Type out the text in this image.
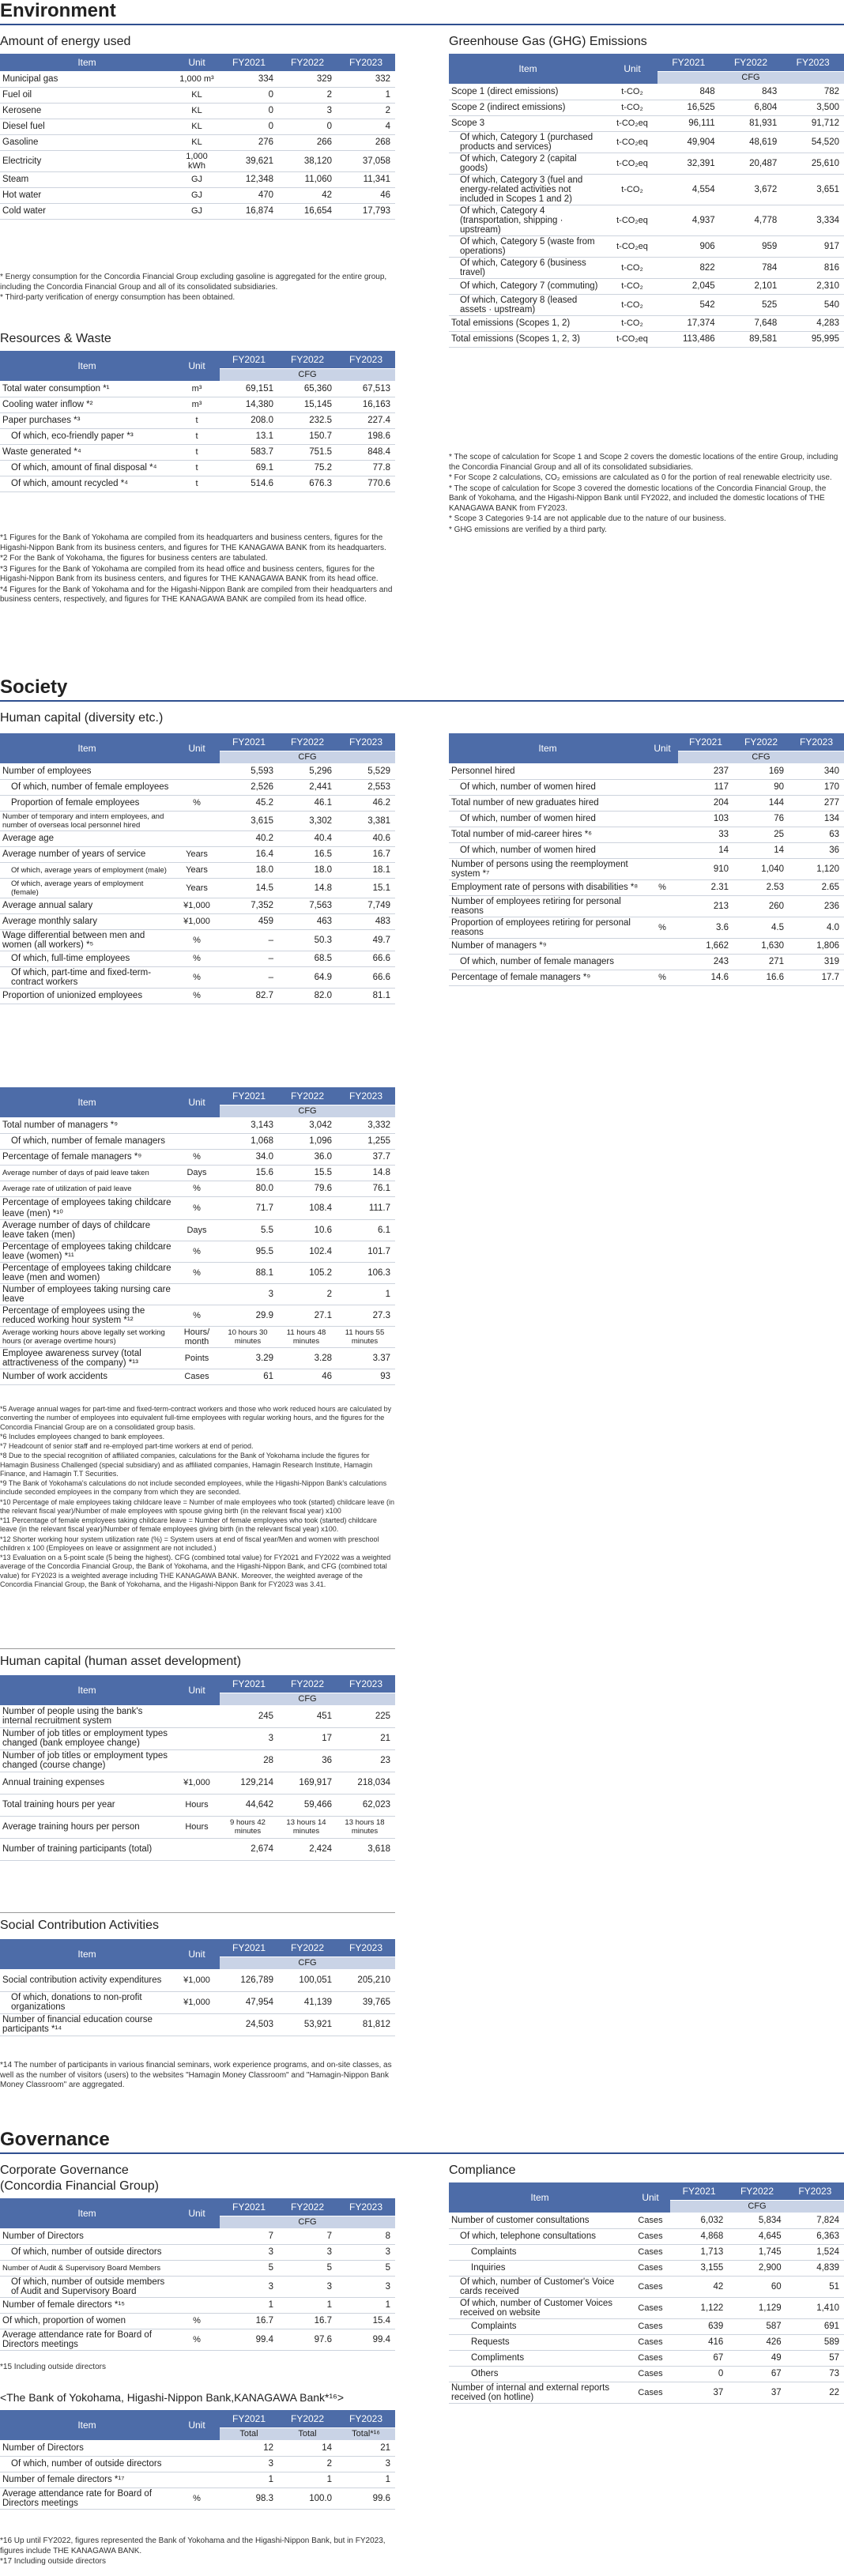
Environment
Amount of energy used
Item	Unit	FY2021	FY2022	FY2023
Municipal gas	1,000 m³	334	329	332
Fuel oil	KL	0	2	1
Kerosene	KL	0	3	2
Diesel fuel	KL	0	0	4
Gasoline	KL	276	266	268
Electricity	1,000 kWh	39,621	38,120	37,058
Steam	GJ	12,348	11,060	11,341
Hot water	GJ	470	42	46
Cold water	GJ	16,874	16,654	17,793
* Energy consumption for the Concordia Financial Group excluding gasoline is aggregated for the entire group, including the Concordia Financial Group and all of its consolidated subsidiaries.
* Third-party verification of energy consumption has been obtained.
Greenhouse Gas (GHG) Emissions
Item	Unit	FY2021	FY2022	FY2023
		CFG		
Scope 1 (direct emissions)	t-CO₂	848	843	782
Scope 2 (indirect emissions)	t-CO₂	16,525	6,804	3,500
Scope 3	t-CO₂eq	96,111	81,931	91,712
Of which, Category 1 (purchased products and services)	t-CO₂eq	49,904	48,619	54,520
Of which, Category 2 (capital goods)	t-CO₂eq	32,391	20,487	25,610
Of which, Category 3 (fuel and energy-related activities not included in Scopes 1 and 2)	t-CO₂	4,554	3,672	3,651
Of which, Category 4 (transportation, shipping · upstream)	t-CO₂eq	4,937	4,778	3,334
Of which, Category 5 (waste from operations)	t-CO₂eq	906	959	917
Of which, Category 6 (business travel)	t-CO₂	822	784	816
Of which, Category 7 (commuting)	t-CO₂	2,045	2,101	2,310
Of which, Category 8 (leased assets · upstream)	t-CO₂	542	525	540
Total emissions (Scopes 1, 2)	t-CO₂	17,374	7,648	4,283
Total emissions (Scopes 1, 2, 3)	t-CO₂eq	113,486	89,581	95,995
* The scope of calculation for Scope 1 and Scope 2 covers the domestic locations of the entire Group, including the Concordia Financial Group and all of its consolidated subsidiaries.
* For Scope 2 calculations, CO₂ emissions are calculated as 0 for the portion of real renewable electricity use.
* The scope of calculation for Scope 3 covered the domestic locations of the Concordia Financial Group, the Bank of Yokohama, and the Higashi-Nippon Bank until FY2022, and included the domestic locations of THE KANAGAWA BANK from FY2023.
* Scope 3 Categories 9-14 are not applicable due to the nature of our business.
* GHG emissions are verified by a third party.
Resources & Waste
Item	Unit	FY2021	FY2022	FY2023
		CFG		
Total water consumption *¹	m³	69,151	65,360	67,513
Cooling water inflow *²	m³	14,380	15,145	16,163
Paper purchases *³	t	208.0	232.5	227.4
Of which, eco-friendly paper *³	t	13.1	150.7	198.6
Waste generated *⁴	t	583.7	751.5	848.4
Of which, amount of final disposal *⁴	t	69.1	75.2	77.8
Of which, amount recycled *⁴	t	514.6	676.3	770.6
*1 Figures for the Bank of Yokohama are compiled from its headquarters and business centers, figures for the Higashi-Nippon Bank from its business centers, and figures for THE KANAGAWA BANK from its headquarters.
*2 For the Bank of Yokohama, the figures for business centers are tabulated.
*3 Figures for the Bank of Yokohama are compiled from its head office and business centers, figures for the Higashi-Nippon Bank from its business centers, and figures for THE KANAGAWA BANK from its head office.
*4 Figures for the Bank of Yokohama and for the Higashi-Nippon Bank are compiled from their headquarters and business centers, respectively, and figures for THE KANAGAWA BANK are compiled from its head office.
Society
Human capital (diversity etc.)
Item	Unit	FY2021	FY2022	FY2023
		CFG		
Number of employees		5,593	5,296	5,529
Of which, number of female employees		2,526	2,441	2,553
Proportion of female employees	%	45.2	46.1	46.2
Number of temporary and intern employees, and number of overseas local personnel hired		3,615	3,302	3,381
Average age		40.2	40.4	40.6
Average number of years of service	Years	16.4	16.5	16.7
Of which, average years of employment (male)	Years	18.0	18.0	18.1
Of which, average years of employment (female)	Years	14.5	14.8	15.1
Average annual salary	¥1,000	7,352	7,563	7,749
Average monthly salary	¥1,000	459	463	483
Wage differential between men and women (all workers) *⁵	%	–	50.3	49.7
Of which, full-time employees	%	–	68.5	66.6
Of which, part-time and fixed-term-contract workers	%	–	64.9	66.6
Proportion of unionized employees	%	82.7	82.0	81.1
Item	Unit	FY2021	FY2022	FY2023
		CFG		
Personnel hired		237	169	340
Of which, number of women hired		117	90	170
Total number of new graduates hired		204	144	277
Of which, number of women hired		103	76	134
Total number of mid-career hires *⁶		33	25	63
Of which, number of women hired		14	14	36
Number of persons using the reemployment system *⁷		910	1,040	1,120
Employment rate of persons with disabilities *⁸	%	2.31	2.53	2.65
Number of employees retiring for personal reasons		213	260	236
Proportion of employees retiring for personal reasons	%	3.6	4.5	4.0
Number of managers *⁹		1,662	1,630	1,806
Of which, number of female managers		243	271	319
Percentage of female managers *⁹	%	14.6	16.6	17.7
Item	Unit	FY2021	FY2022	FY2023
		CFG		
Total number of managers *⁹		3,143	3,042	3,332
Of which, number of female managers		1,068	1,096	1,255
Percentage of female managers *⁹	%	34.0	36.0	37.7
Average number of days of paid leave taken	Days	15.6	15.5	14.8
Average rate of utilization of paid leave	%	80.0	79.6	76.1
Percentage of employees taking childcare leave (men) *¹⁰	%	71.7	108.4	111.7
Average number of days of childcare leave taken (men)	Days	5.5	10.6	6.1
Percentage of employees taking childcare leave (women) *¹¹	%	95.5	102.4	101.7
Percentage of employees taking childcare leave (men and women)	%	88.1	105.2	106.3
Number of employees taking nursing care leave		3	2	1
Percentage of employees using the reduced working hour system *¹²	%	29.9	27.1	27.3
Average working hours above legally set working hours (or average overtime hours)	Hours/ month	10 hours 30 minutes	11 hours 48 minutes	11 hours 55 minutes
Employee awareness survey (total attractiveness of the company) *¹³	Points	3.29	3.28	3.37
Number of work accidents	Cases	61	46	93
*5 Average annual wages for part-time and fixed-term-contract workers and those who work reduced hours are calculated by converting the number of employees into equivalent full-time employees with regular working hours, and the figures for the Concordia Financial Group are on a consolidated group basis.
*6 Includes employees changed to bank employees.
*7 Headcount of senior staff and re-employed part-time workers at end of period.
*8 Due to the special recognition of affiliated companies, calculations for the Bank of Yokohama include the figures for Hamagin Business Challenged (special subsidiary) and as affiliated companies, Hamagin Research Institute, Hamagin Finance, and Hamagin T.T Securities.
*9 The Bank of Yokohama's calculations do not include seconded employees, while the Higashi-Nippon Bank's calculations include seconded employees in the company from which they are seconded.
*10 Percentage of male employees taking childcare leave = Number of male employees who took (started) childcare leave (in the relevant fiscal year)/Number of male employees with spouse giving birth (in the relevant fiscal year) x100
*11 Percentage of female employees taking childcare leave = Number of female employees who took (started) childcare leave (in the relevant fiscal year)/Number of female employees giving birth (in the relevant fiscal year) x100.
*12 Shorter working hour system utilization rate (%) = System users at end of fiscal year/Men and women with preschool children x 100 (Employees on leave or assignment are not included.)
*13 Evaluation on a 5-point scale (5 being the highest). CFG (combined total value) for FY2021 and FY2022 was a weighted average of the Concordia Financial Group, the Bank of Yokohama, and the Higashi-Nippon Bank, and CFG (combined total value) for FY2023 is a weighted average including THE KANAGAWA BANK. Moreover, the weighted average of the Concordia Financial Group, the Bank of Yokohama, and the Higashi-Nippon Bank for FY2023 was 3.41.
Human capital (human asset development)
Item	Unit	FY2021	FY2022	FY2023
		CFG		
Number of people using the bank's internal recruitment system		245	451	225
Number of job titles or employment types changed (bank employee change)		3	17	21
Number of job titles or employment types changed (course change)		28	36	23
Annual training expenses	¥1,000	129,214	169,917	218,034
Total training hours per year	Hours	44,642	59,466	62,023
Average training hours per person	Hours	9 hours 42 minutes	13 hours 14 minutes	13 hours 18 minutes
Number of training participants (total)		2,674	2,424	3,618
Social Contribution Activities
Item	Unit	FY2021	FY2022	FY2023
		CFG		
Social contribution activity expenditures	¥1,000	126,789	100,051	205,210
Of which, donations to non-profit organizations	¥1,000	47,954	41,139	39,765
Number of financial education course participants *¹⁴		24,503	53,921	81,812
*14 The number of participants in various financial seminars, work experience programs, and on-site classes, as well as the number of visitors (users) to the websites "Hamagin Money Classroom" and "Hamagin-Nippon Bank Money Classroom" are aggregated.
Governance
Corporate Governance
(Concordia Financial Group)
Item	Unit	FY2021	FY2022	FY2023
		CFG		
Number of Directors		7	7	8
Of which, number of outside directors		3	3	3
Number of Audit & Supervisory Board Members		5	5	5
Of which, number of outside members of Audit and Supervisory Board		3	3	3
Number of female directors *¹⁵		1	1	1
Of which, proportion of women	%	16.7	16.7	15.4
Average attendance rate for Board of Directors meetings	%	99.4	97.6	99.4
*15 Including outside directors
<The Bank of Yokohama, Higashi-Nippon Bank,KANAGAWA Bank*¹⁶>
Item	Unit	FY2021	FY2022	FY2023
		Total	Total	Total*¹⁶
Number of Directors		12	14	21
Of which, number of outside directors		3	2	3
Number of female directors *¹⁷		1	1	1
Average attendance rate for Board of Directors meetings	%	98.3	100.0	99.6
*16 Up until FY2022, figures represented the Bank of Yokohama and the Higashi-Nippon Bank, but in FY2023, figures include THE KANAGAWA BANK.
*17 Including outside directors
Compliance
Item	Unit	FY2021	FY2022	FY2023
		CFG		
Number of customer consultations	Cases	6,032	5,834	7,824
Of which, telephone consultations	Cases	4,868	4,645	6,363
Complaints	Cases	1,713	1,745	1,524
Inquiries	Cases	3,155	2,900	4,839
Of which, number of Customer's Voice cards received	Cases	42	60	51
Of which, number of Customer Voices received on website	Cases	1,122	1,129	1,410
Complaints	Cases	639	587	691
Requests	Cases	416	426	589
Compliments	Cases	67	49	57
Others	Cases	0	67	73
Number of internal and external reports received (on hotline)	Cases	37	37	22
